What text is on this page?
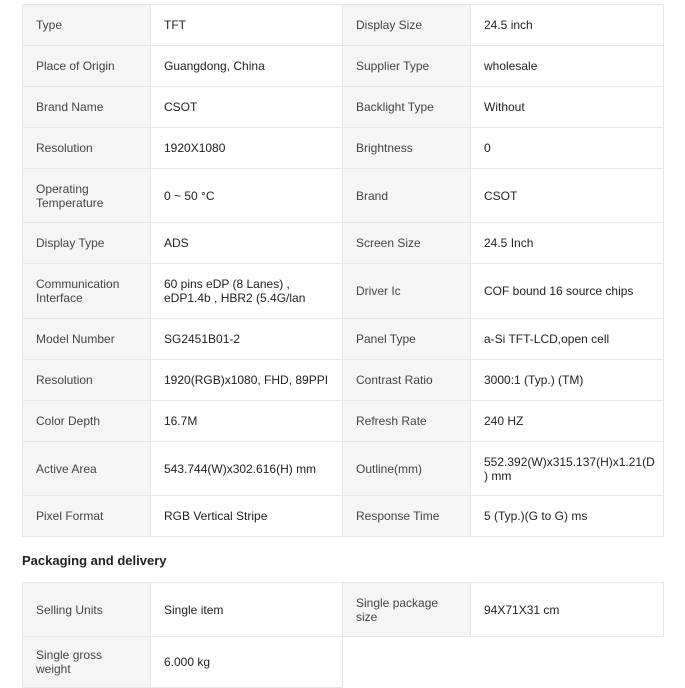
Type	TFT	Display Size	24.5 inch
Place of Origin	Guangdong, China	Supplier Type	wholesale
Brand Name	CSOT	Backlight Type	Without
Resolution	1920X1080	Brightness	0
Operating
Temperature	0 ~ 50 °C	Brand	CSOT
Display Type	ADS	Screen Size	24.5 Inch
Communication
Interface	60 pins eDP (8 Lanes) ,
eDP1.4b , HBR2 (5.4G/lan	Driver Ic	COF bound 16 source chips
Model Number	SG2451B01-2	Panel Type	a-Si TFT-LCD,open cell
Resolution	1920(RGB)x1080, FHD, 89PPI	Contrast Ratio	3000:1 (Typ.) (TM)
Color Depth	16.7M	Refresh Rate	240 HZ
Active Area	543.744(W)x302.616(H) mm	Outline(mm)	552.392(W)x315.137(H)x1.21(D
) mm
Pixel Format	RGB Vertical Stripe	Response Time	5 (Typ.)(G to G) ms
Packaging and delivery
Selling Units	Single item	Single package
size	94X71X31 cm
Single gross
weight	6.000 kg		
